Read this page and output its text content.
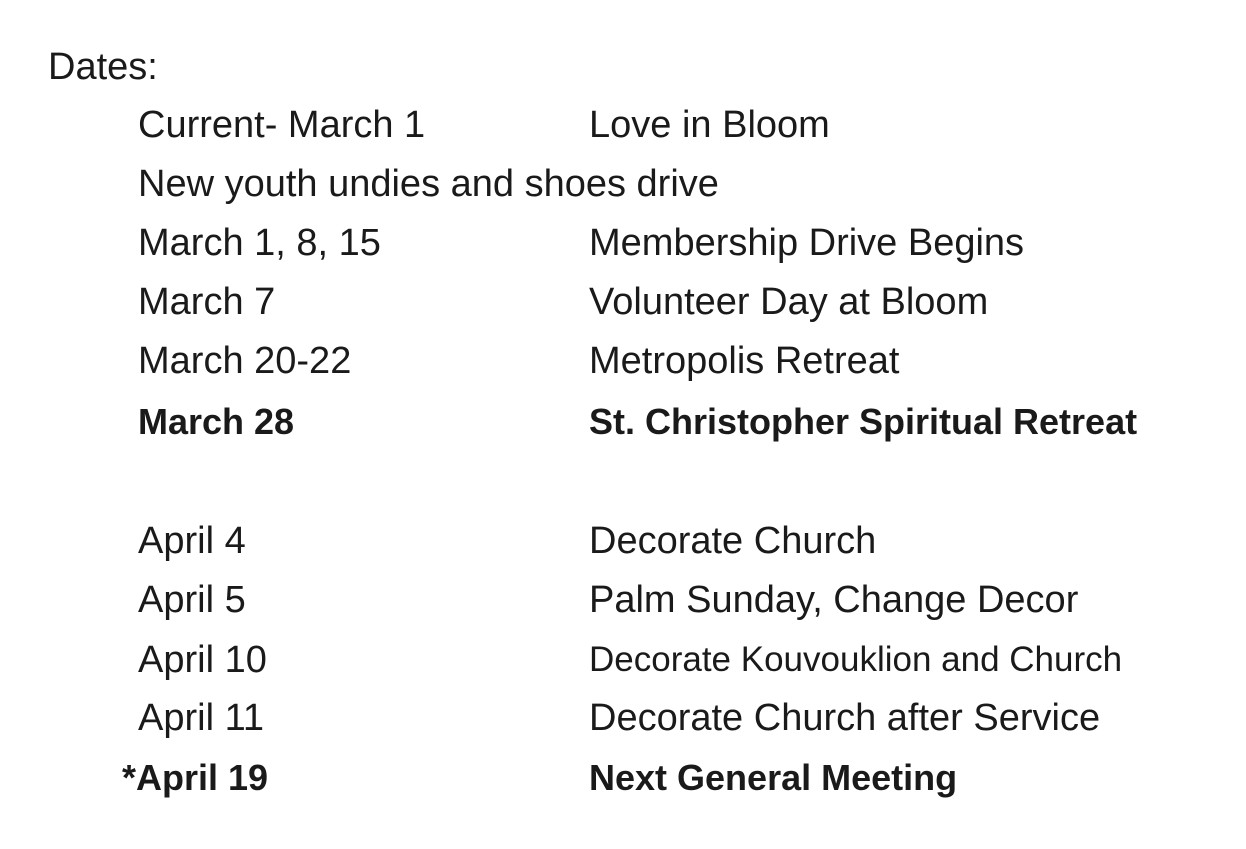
Dates:
Current- March 1	Love in Bloom
New youth undies and shoes drive
March 1, 8, 15	Membership Drive Begins
March 7	Volunteer Day at Bloom
March 20-22	Metropolis Retreat
March 28	St. Christopher Spiritual Retreat
April 4	Decorate Church
April 5	Palm Sunday, Change Decor
April 10	Decorate Kouvouklion and Church
April 11	Decorate Church after Service
*April 19	Next General Meeting
